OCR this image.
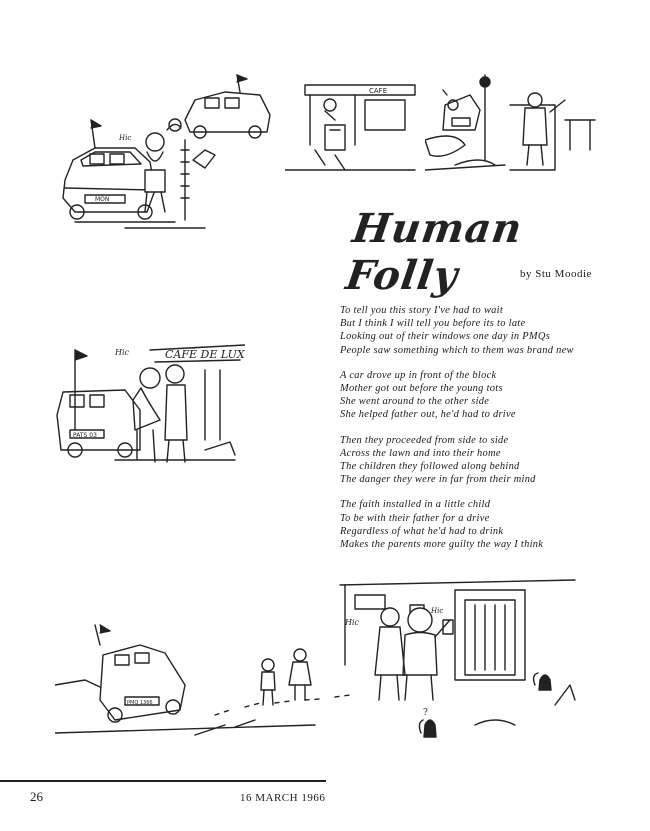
MON
Hic
CAFE
Human Folly	by Stu Moodie
PATS 03
CAFÉ DE LUX
Hic
To tell you this story I've had to wait
But I think I will tell you before its to late
Looking out of their windows one day in PMQs
People saw something which to them was brand new
A car drove up in front of the block
Mother got out before the young tots
She went around to the other side
She helped father out, he'd had to drive
Then they proceeded from side to side
Across the lawn and into their home
The children they followed along behind
The danger they were in far from their mind
The faith installed in a little child
To be with their father for a drive
Regardless of what he'd had to drink
Makes the parents more guilty the way I think
Hic
Hic
?
PMQ 1366
26	16 MARCH 1966
